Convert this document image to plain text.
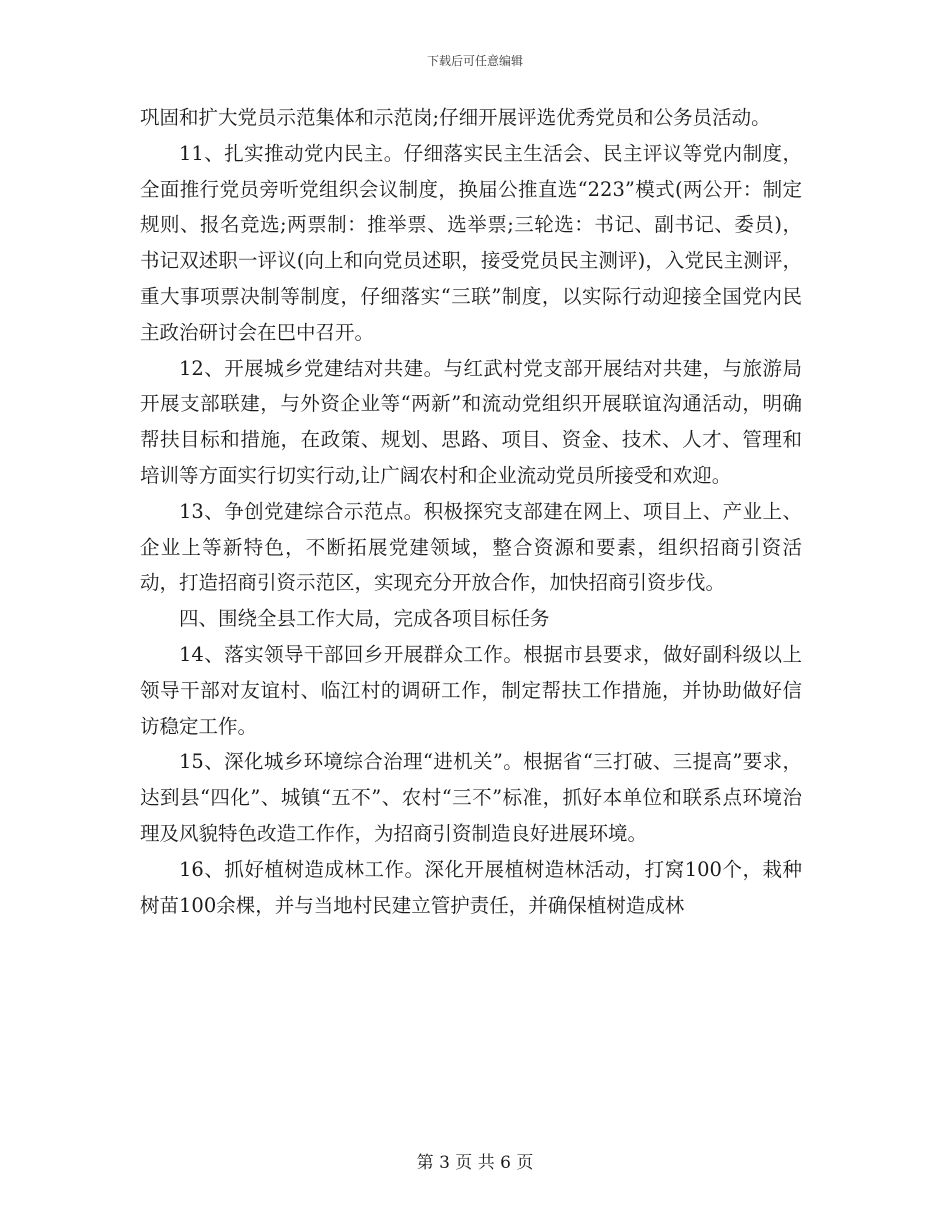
下载后可任意编辑

巩固和扩大党员示范集体和示范岗;仔细开展评选优秀党员和公务员活动。

11、扎实推动党内民主。仔细落实民主生活会、民主评议等党内制度，全面推行党员旁听党组织会议制度，换届公推直选“223”模式(两公开：制定规则、报名竞选;两票制：推举票、选举票;三轮选：书记、副书记、委员)，书记双述职一评议(向上和向党员述职，接受党员民主测评)，入党民主测评，重大事项票决制等制度，仔细落实“三联”制度，以实际行动迎接全国党内民主政治研讨会在巴中召开。

12、开展城乡党建结对共建。与红武村党支部开展结对共建，与旅游局开展支部联建，与外资企业等“两新”和流动党组织开展联谊沟通活动，明确帮扶目标和措施，在政策、规划、思路、项目、资金、技术、人才、管理和培训等方面实行切实行动,让广阔农村和企业流动党员所接受和欢迎。

13、争创党建综合示范点。积极探究支部建在网上、项目上、产业上、企业上等新特色，不断拓展党建领域，整合资源和要素，组织招商引资活动，打造招商引资示范区，实现充分开放合作，加快招商引资步伐。

四、围绕全县工作大局，完成各项目标任务

14、落实领导干部回乡开展群众工作。根据市县要求，做好副科级以上领导干部对友谊村、临江村的调研工作，制定帮扶工作措施，并协助做好信访稳定工作。

15、深化城乡环境综合治理“进机关”。根据省“三打破、三提高”要求，达到县“四化”、城镇“五不”、农村“三不”标准，抓好本单位和联系点环境治理及风貌特色改造工作作，为招商引资制造良好进展环境。

16、抓好植树造成林工作。深化开展植树造林活动，打窝100个，栽种树苗100余棵，并与当地村民建立管护责任，并确保植树造成林

第 3 页 共 6 页
